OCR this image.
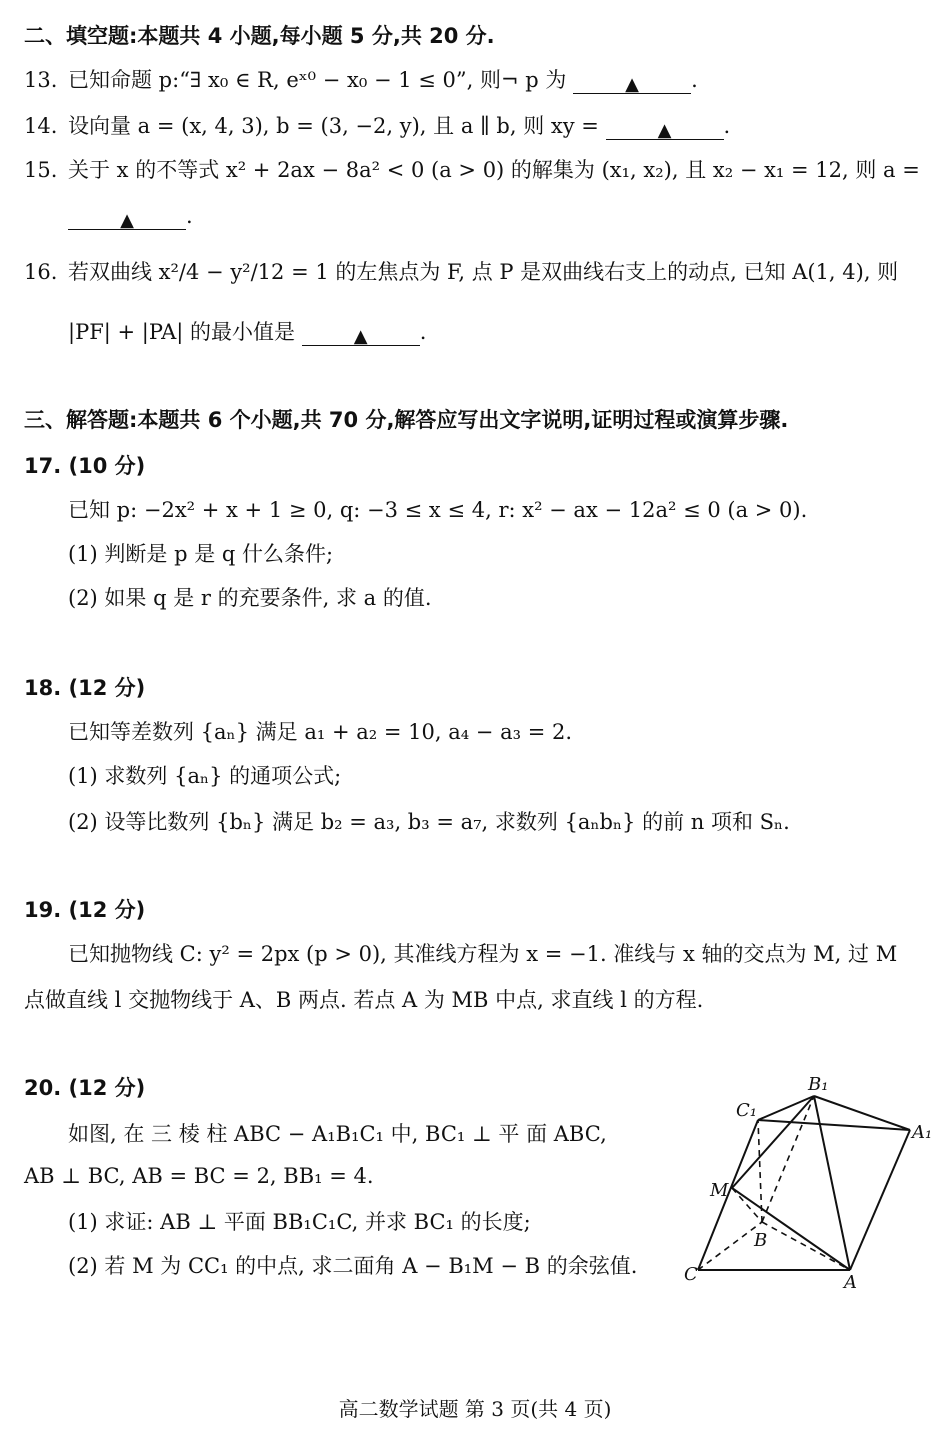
二、填空题:本题共 4 小题,每小题 5 分,共 20 分.
13. 已知命题 p:“∃ x₀ ∈ R, eˣ⁰ − x₀ − 1 ≤ 0”, 则¬ p 为	▲ .
14. 设向量 a = (x, 4, 3), b = (3, −2, y), 且 a ∥ b, 则 xy =	▲ .
15. 关于 x 的不等式 x² + 2ax − 8a² < 0 (a > 0) 的解集为 (x₁, x₂), 且 x₂ − x₁ = 12, 则 a =
▲ .
16. 若双曲线 x²/4 − y²/12 = 1 的左焦点为 F, 点 P 是双曲线右支上的动点, 已知 A(1, 4), 则
|PF| + |PA| 的最小值是	▲ .
三、解答题:本题共 6 个小题,共 70 分,解答应写出文字说明,证明过程或演算步骤.
17. (10 分)
已知 p: −2x² + x + 1 ≥ 0, q: −3 ≤ x ≤ 4, r: x² − ax − 12a² ≤ 0 (a > 0).
(1) 判断是 p 是 q 什么条件;
(2) 如果 q 是 r 的充要条件, 求 a 的值.
18. (12 分)
已知等差数列 {aₙ} 满足 a₁ + a₂ = 10, a₄ − a₃ = 2.
(1) 求数列 {aₙ} 的通项公式;
(2) 设等比数列 {bₙ} 满足 b₂ = a₃, b₃ = a₇, 求数列 {aₙbₙ} 的前 n 项和 Sₙ.
19. (12 分)
已知抛物线 C: y² = 2px (p > 0), 其准线方程为 x = −1. 准线与 x 轴的交点为 M, 过 M
点做直线 l 交抛物线于 A、B 两点. 若点 A 为 MB 中点, 求直线 l 的方程.
20. (12 分)
如图, 在 三 棱 柱 ABC − A₁B₁C₁ 中, BC₁ ⊥ 平 面 ABC,
AB ⊥ BC, AB = BC = 2, BB₁ = 4.
(1) 求证: AB ⊥ 平面 BB₁C₁C, 并求 BC₁ 的长度;
(2) 若 M 为 CC₁ 的中点, 求二面角 A − B₁M − B 的余弦值.
B₁
C₁
A₁
M
B
C	A
高二数学试题 第 3 页(共 4 页)
